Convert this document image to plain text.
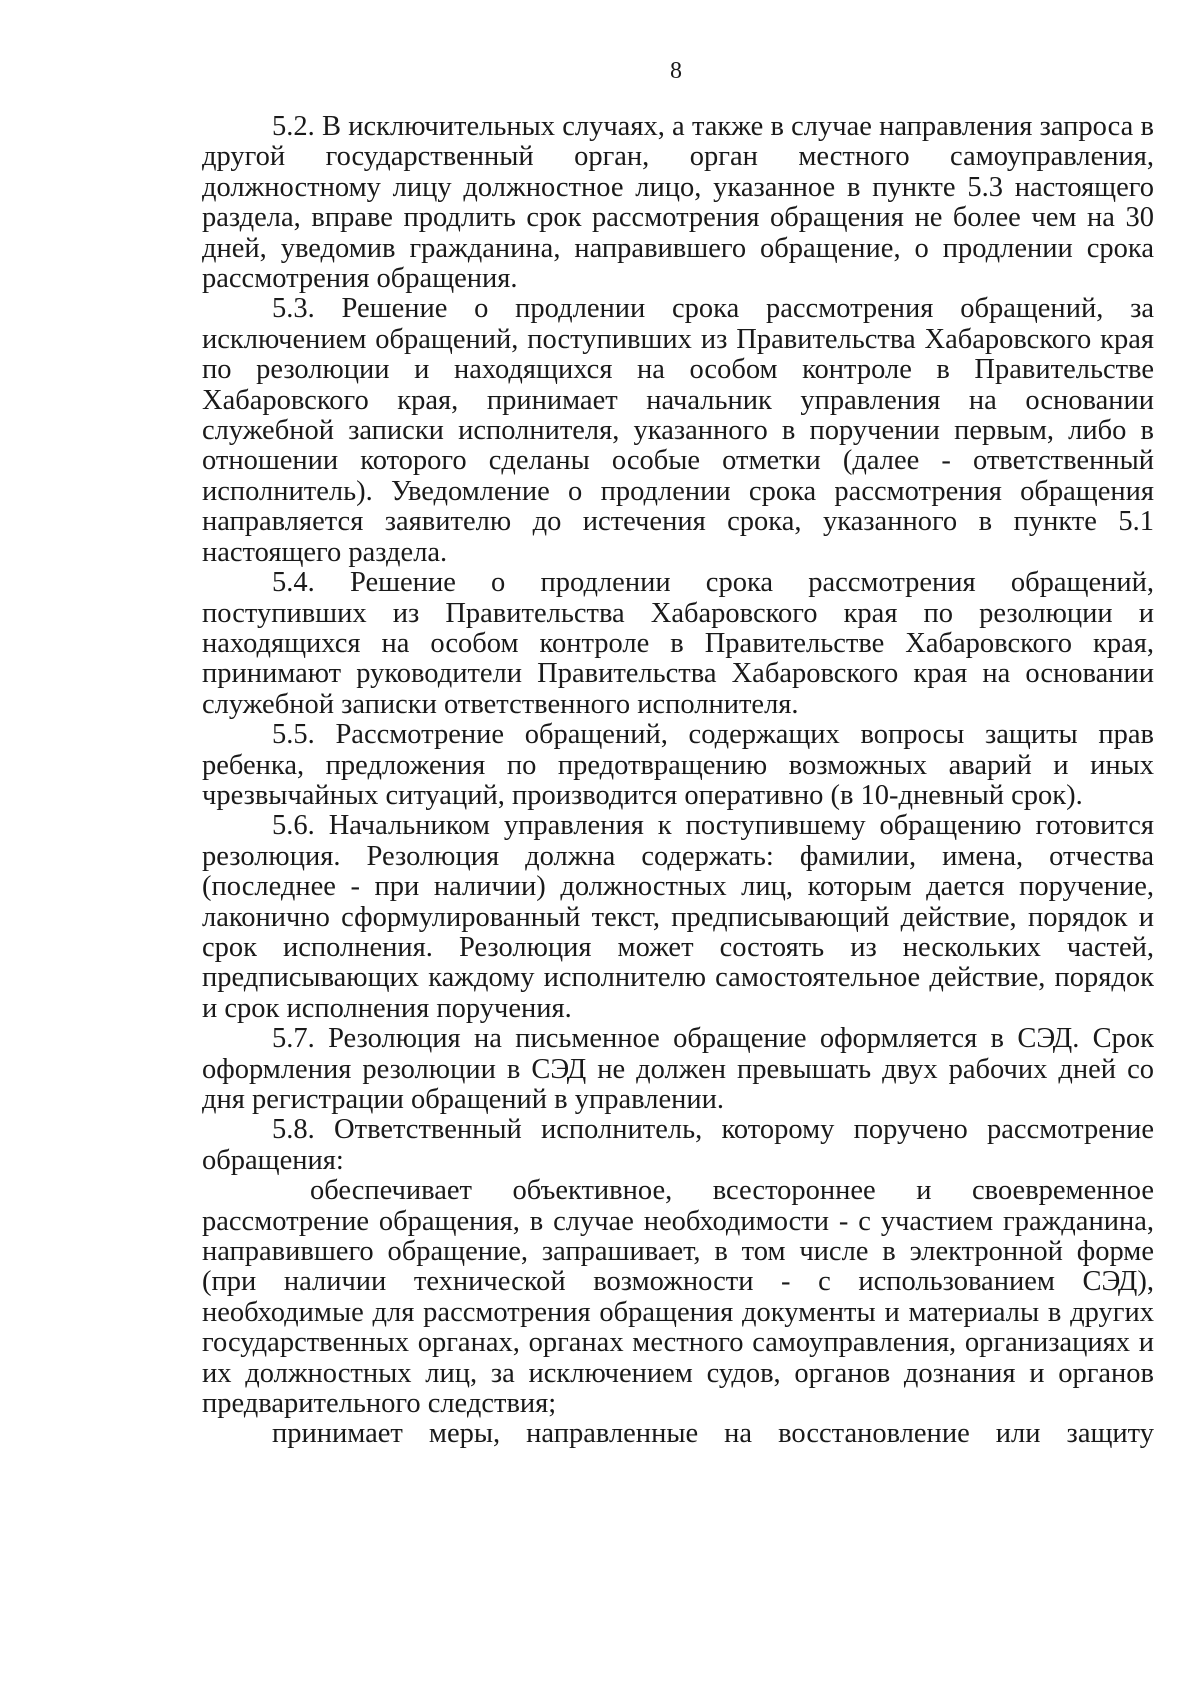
8

5.2. В исключительных случаях, а также в случае направления запроса в другой государственный орган, орган местного самоуправления, должностному лицу должностное лицо, указанное в пункте 5.3 настоящего раздела, вправе продлить срок рассмотрения обращения не более чем на 30 дней, уведомив гражданина, направившего обращение, о продлении срока рассмотрения обращения.

5.3. Решение о продлении срока рассмотрения обращений, за исключением обращений, поступивших из Правительства Хабаровского края по резолюции и находящихся на особом контроле в Правительстве Хабаровского края, принимает начальник управления на основании служебной записки исполнителя, указанного в поручении первым, либо в отношении которого сделаны особые отметки (далее - ответственный исполнитель). Уведомление о продлении срока рассмотрения обращения направляется заявителю до истечения срока, указанного в пункте 5.1 настоящего раздела.

5.4. Решение о продлении срока рассмотрения обращений, поступивших из Правительства Хабаровского края по резолюции и находящихся на особом контроле в Правительстве Хабаровского края, принимают руководители Правительства Хабаровского края на основании служебной записки ответственного исполнителя.

5.5. Рассмотрение обращений, содержащих вопросы защиты прав ребенка, предложения по предотвращению возможных аварий и иных чрезвычайных ситуаций, производится оперативно (в 10-дневный срок).

5.6. Начальником управления к поступившему обращению готовится резолюция. Резолюция должна содержать: фамилии, имена, отчества (последнее - при наличии) должностных лиц, которым дается поручение, лаконично сформулированный текст, предписывающий действие, порядок и срок исполнения. Резолюция может состоять из нескольких частей, предписывающих каждому исполнителю самостоятельное действие, порядок и срок исполнения поручения.

5.7. Резолюция на письменное обращение оформляется в СЭД. Срок оформления резолюции в СЭД не должен превышать двух рабочих дней со дня регистрации обращений в управлении.

5.8. Ответственный исполнитель, которому поручено рассмотрение обращения:

обеспечивает объективное, всестороннее и своевременное рассмотрение обращения, в случае необходимости - с участием гражданина, направившего обращение, запрашивает, в том числе в электронной форме (при наличии технической возможности - с использованием СЭД), необходимые для рассмотрения обращения документы и материалы в других государственных органах, органах местного самоуправления, организациях и их должностных лиц, за исключением судов, органов дознания и органов предварительного следствия;

принимает меры, направленные на восстановление или защиту
